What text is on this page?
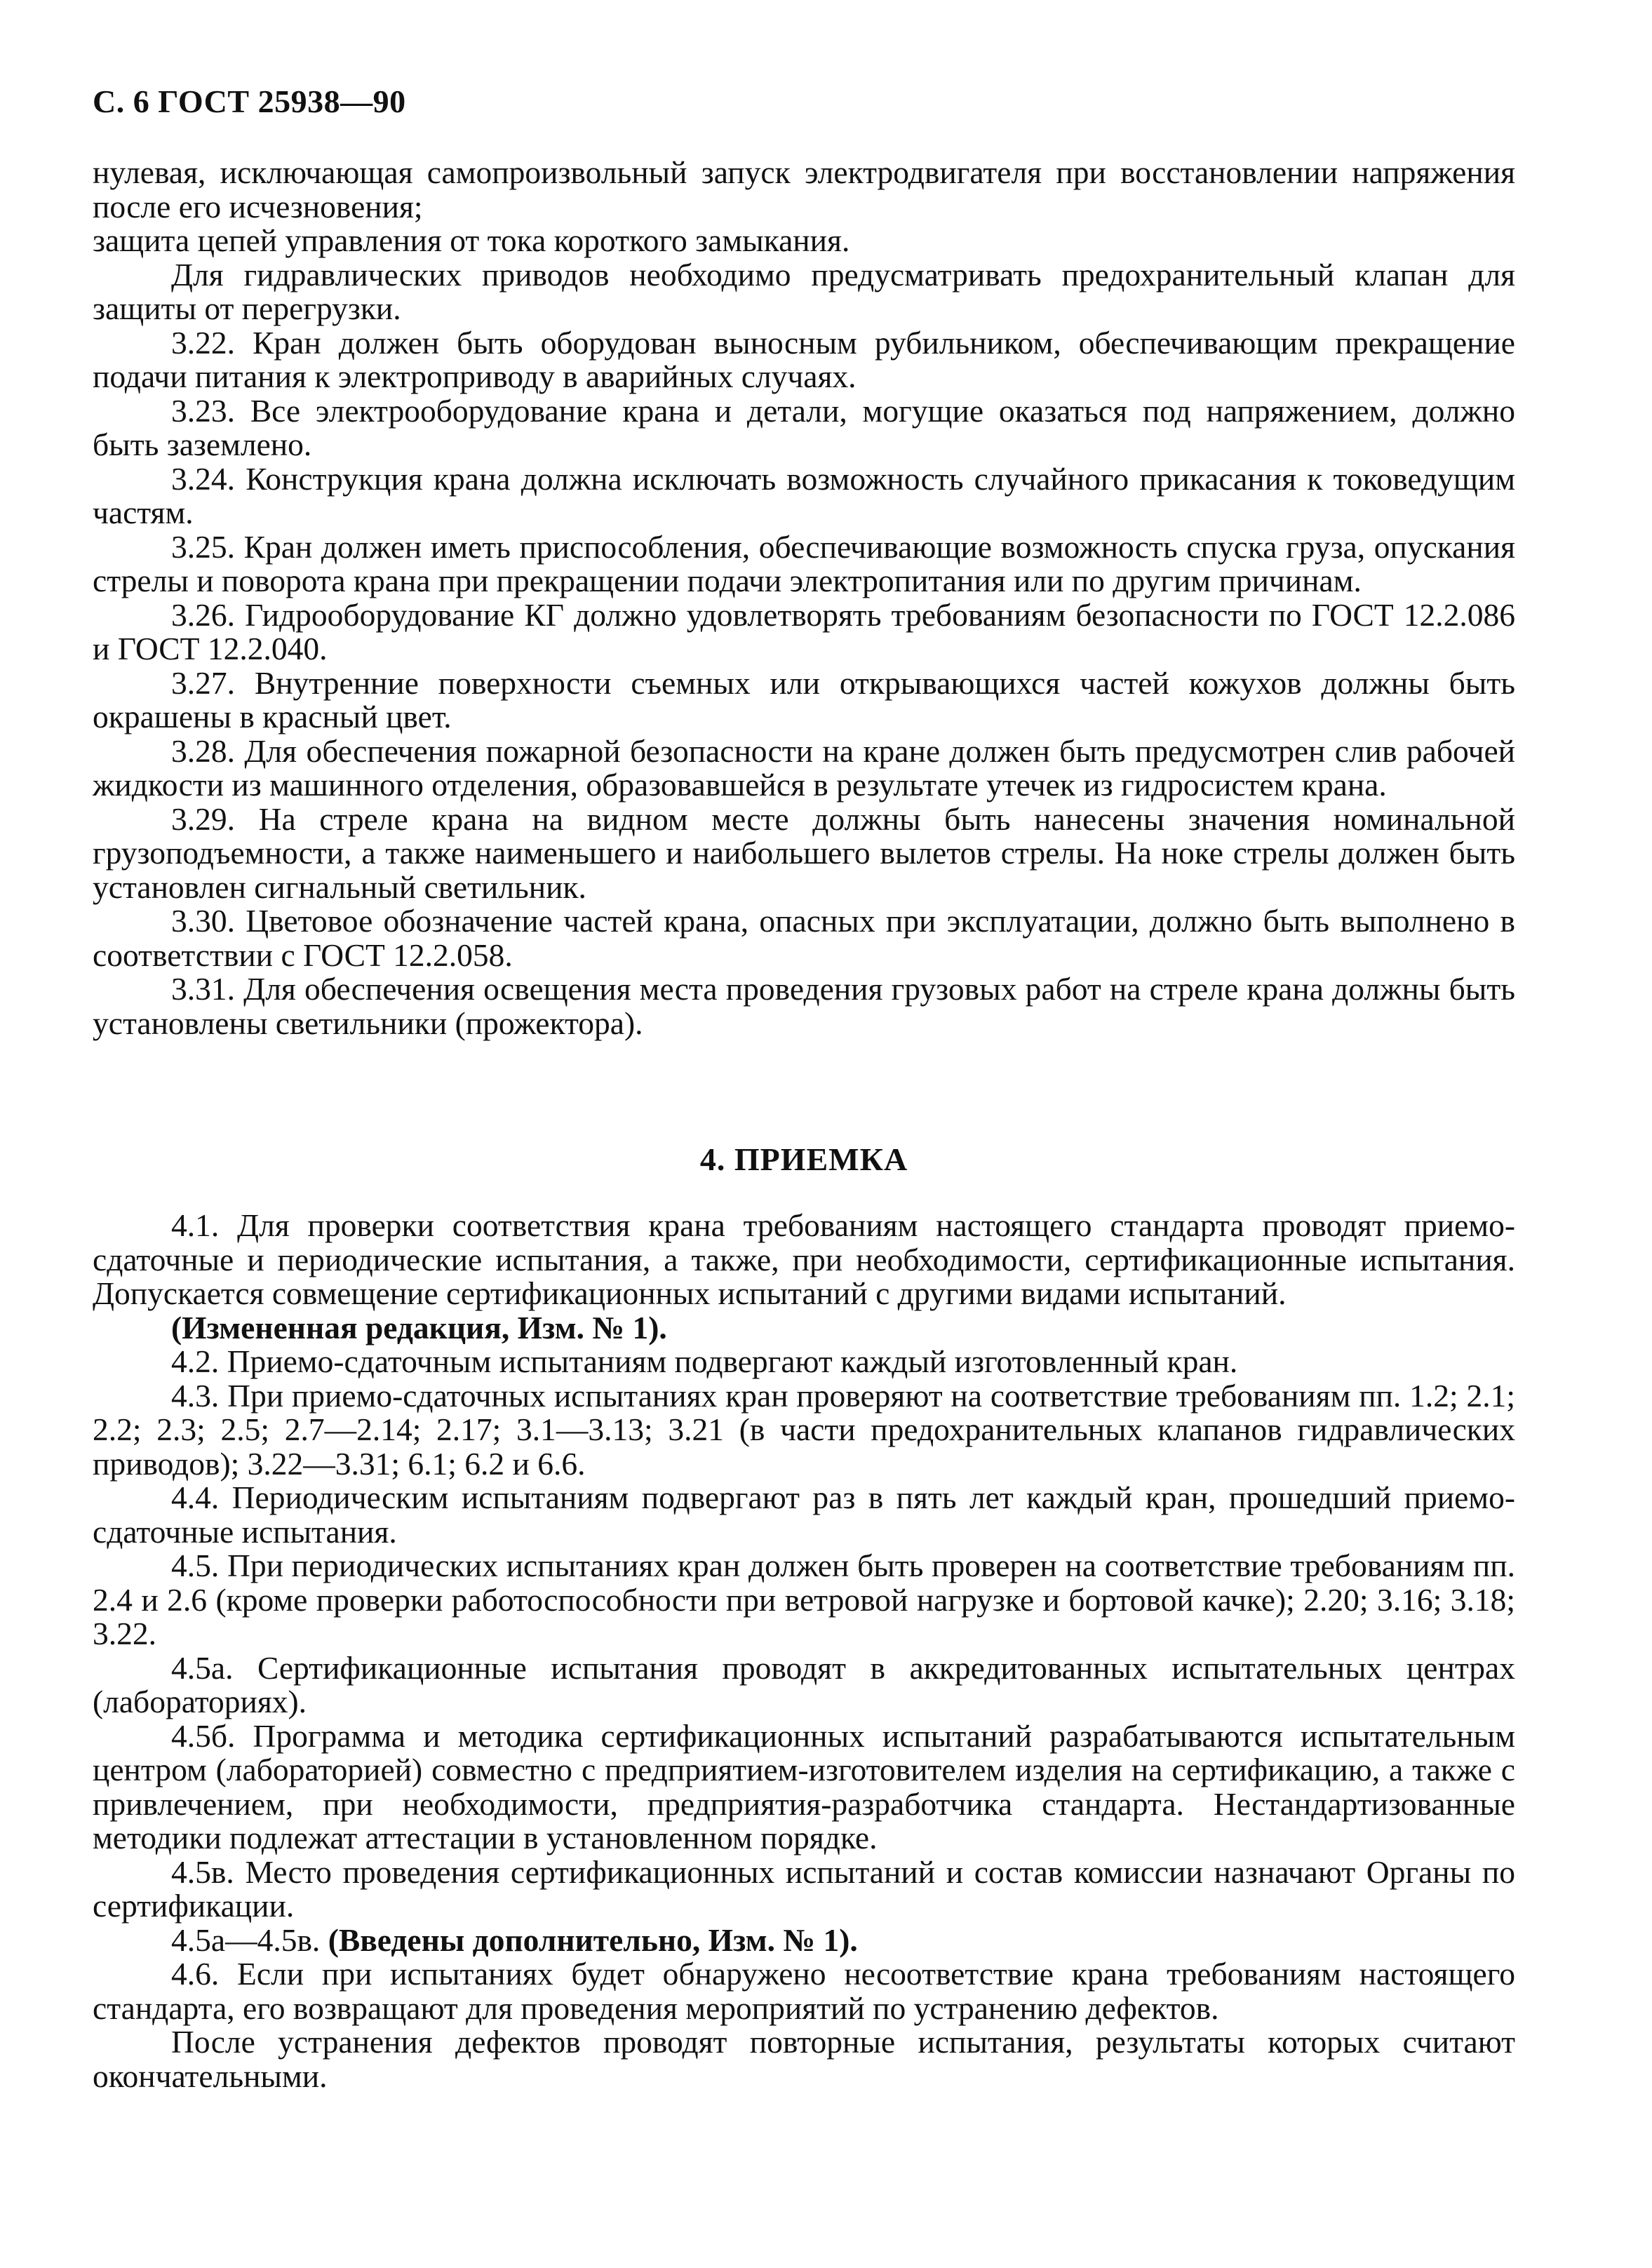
С. 6 ГОСТ 25938—90

нулевая, исключающая самопроизвольный запуск электродвигателя при восстановлении напряжения после его исчезновения;

защита цепей управления от тока короткого замыкания.

Для гидравлических приводов необходимо предусматривать предохранительный клапан для защиты от перегрузки.

3.22. Кран должен быть оборудован выносным рубильником, обеспечивающим прекращение подачи питания к электроприводу в аварийных случаях.

3.23. Все электрооборудование крана и детали, могущие оказаться под напряжением, должно быть заземлено.

3.24. Конструкция крана должна исключать возможность случайного прикасания к токоведущим частям.

3.25. Кран должен иметь приспособления, обеспечивающие возможность спуска груза, опускания стрелы и поворота крана при прекращении подачи электропитания или по другим причинам.

3.26. Гидрооборудование КГ должно удовлетворять требованиям безопасности по ГОСТ 12.2.086 и ГОСТ 12.2.040.

3.27. Внутренние поверхности съемных или открывающихся частей кожухов должны быть окрашены в красный цвет.

3.28. Для обеспечения пожарной безопасности на кране должен быть предусмотрен слив рабочей жидкости из машинного отделения, образовавшейся в результате утечек из гидросистем крана.

3.29. На стреле крана на видном месте должны быть нанесены значения номинальной грузоподъемности, а также наименьшего и наибольшего вылетов стрелы. На ноке стрелы должен быть установлен сигнальный светильник.

3.30. Цветовое обозначение частей крана, опасных при эксплуатации, должно быть выполнено в соответствии с ГОСТ 12.2.058.

3.31. Для обеспечения освещения места проведения грузовых работ на стреле крана должны быть установлены светильники (прожектора).

4. ПРИЕМКА

4.1. Для проверки соответствия крана требованиям настоящего стандарта проводят приемо-сдаточные и периодические испытания, а также, при необходимости, сертификационные испытания. Допускается совмещение сертификационных испытаний с другими видами испытаний.

(Измененная редакция, Изм. № 1).

4.2. Приемо-сдаточным испытаниям подвергают каждый изготовленный кран.

4.3. При приемо-сдаточных испытаниях кран проверяют на соответствие требованиям пп. 1.2; 2.1; 2.2; 2.3; 2.5; 2.7—2.14; 2.17; 3.1—3.13; 3.21 (в части предохранительных клапанов гидравлических приводов); 3.22—3.31; 6.1; 6.2 и 6.6.

4.4. Периодическим испытаниям подвергают раз в пять лет каждый кран, прошедший приемо-сдаточные испытания.

4.5. При периодических испытаниях кран должен быть проверен на соответствие требованиям пп. 2.4 и 2.6 (кроме проверки работоспособности при ветровой нагрузке и бортовой качке); 2.20; 3.16; 3.18; 3.22.

4.5а. Сертификационные испытания проводят в аккредитованных испытательных центрах (лабораториях).

4.5б. Программа и методика сертификационных испытаний разрабатываются испытательным центром (лабораторией) совместно с предприятием-изготовителем изделия на сертификацию, а также с привлечением, при необходимости, предприятия-разработчика стандарта. Нестандартизованные методики подлежат аттестации в установленном порядке.

4.5в. Место проведения сертификационных испытаний и состав комиссии назначают Органы по сертификации.

4.5а—4.5в. (Введены дополнительно, Изм. № 1).

4.6. Если при испытаниях будет обнаружено несоответствие крана требованиям настоящего стандарта, его возвращают для проведения мероприятий по устранению дефектов.

После устранения дефектов проводят повторные испытания, результаты которых считают окончательными.
